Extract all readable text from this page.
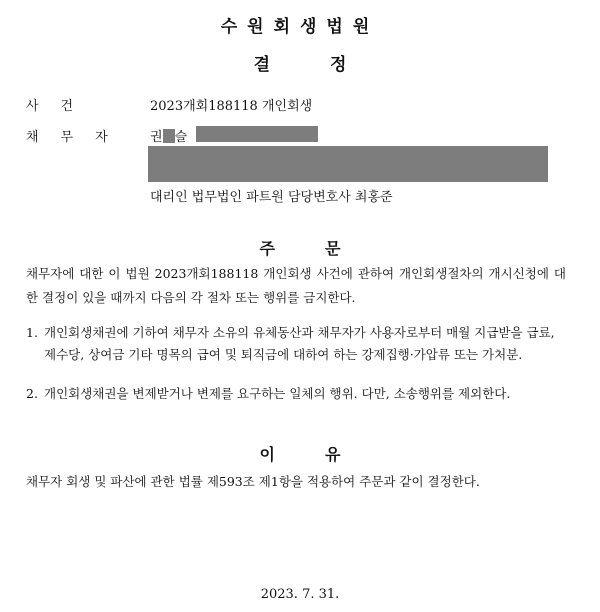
수원회생법원
결정
사건	2023개회188118 개인회생
채무자 권 슬
대리인 법무법인 파트원 담당변호사 최홍준
주문
채무자에 대한 이 법원 2023개회188118 개인회생 사건에 관하여 개인회생절차의 개시신청에 대한 결정이 있을 때까지 다음의 각 절차 또는 행위를 금지한다.
1. 개인회생채권에 기하여 채무자 소유의 유체동산과 채무자가 사용자로부터 매월 지급받을 급료, 제수당, 상여금 기타 명목의 급여 및 퇴직금에 대하여 하는 강제집행·가압류 또는 가처분.
2. 개인회생채권을 변제받거나 변제를 요구하는 일체의 행위. 다만, 소송행위를 제외한다.
이유
채무자 회생 및 파산에 관한 법률 제593조 제1항을 적용하여 주문과 같이 결정한다.
2023. 7. 31.
